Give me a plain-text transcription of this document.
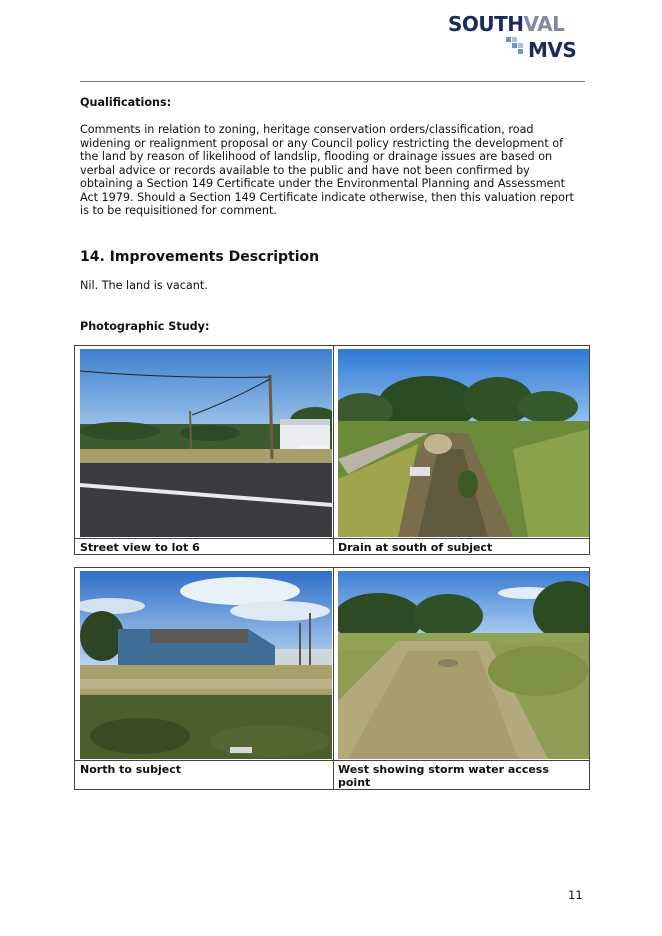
SOUTHVAL
MVS
Qualifications:
Comments in relation to zoning, heritage conservation orders/classification, road
widening or realignment proposal or any Council policy restricting the development of
the land by reason of likelihood of landslip, flooding or drainage issues are based on
verbal advice or records available to the public and have not been confirmed by
obtaining a Section 149 Certificate under the Environmental Planning and Assessment
Act 1979. Should a Section 149 Certificate indicate otherwise, then this valuation report
is to be requisitioned for comment.
14. Improvements Description
Nil. The land is vacant.
Photographic Study:
Street view to lot 6	Drain at south of subject
North to subject	West showing storm water access
point
11
